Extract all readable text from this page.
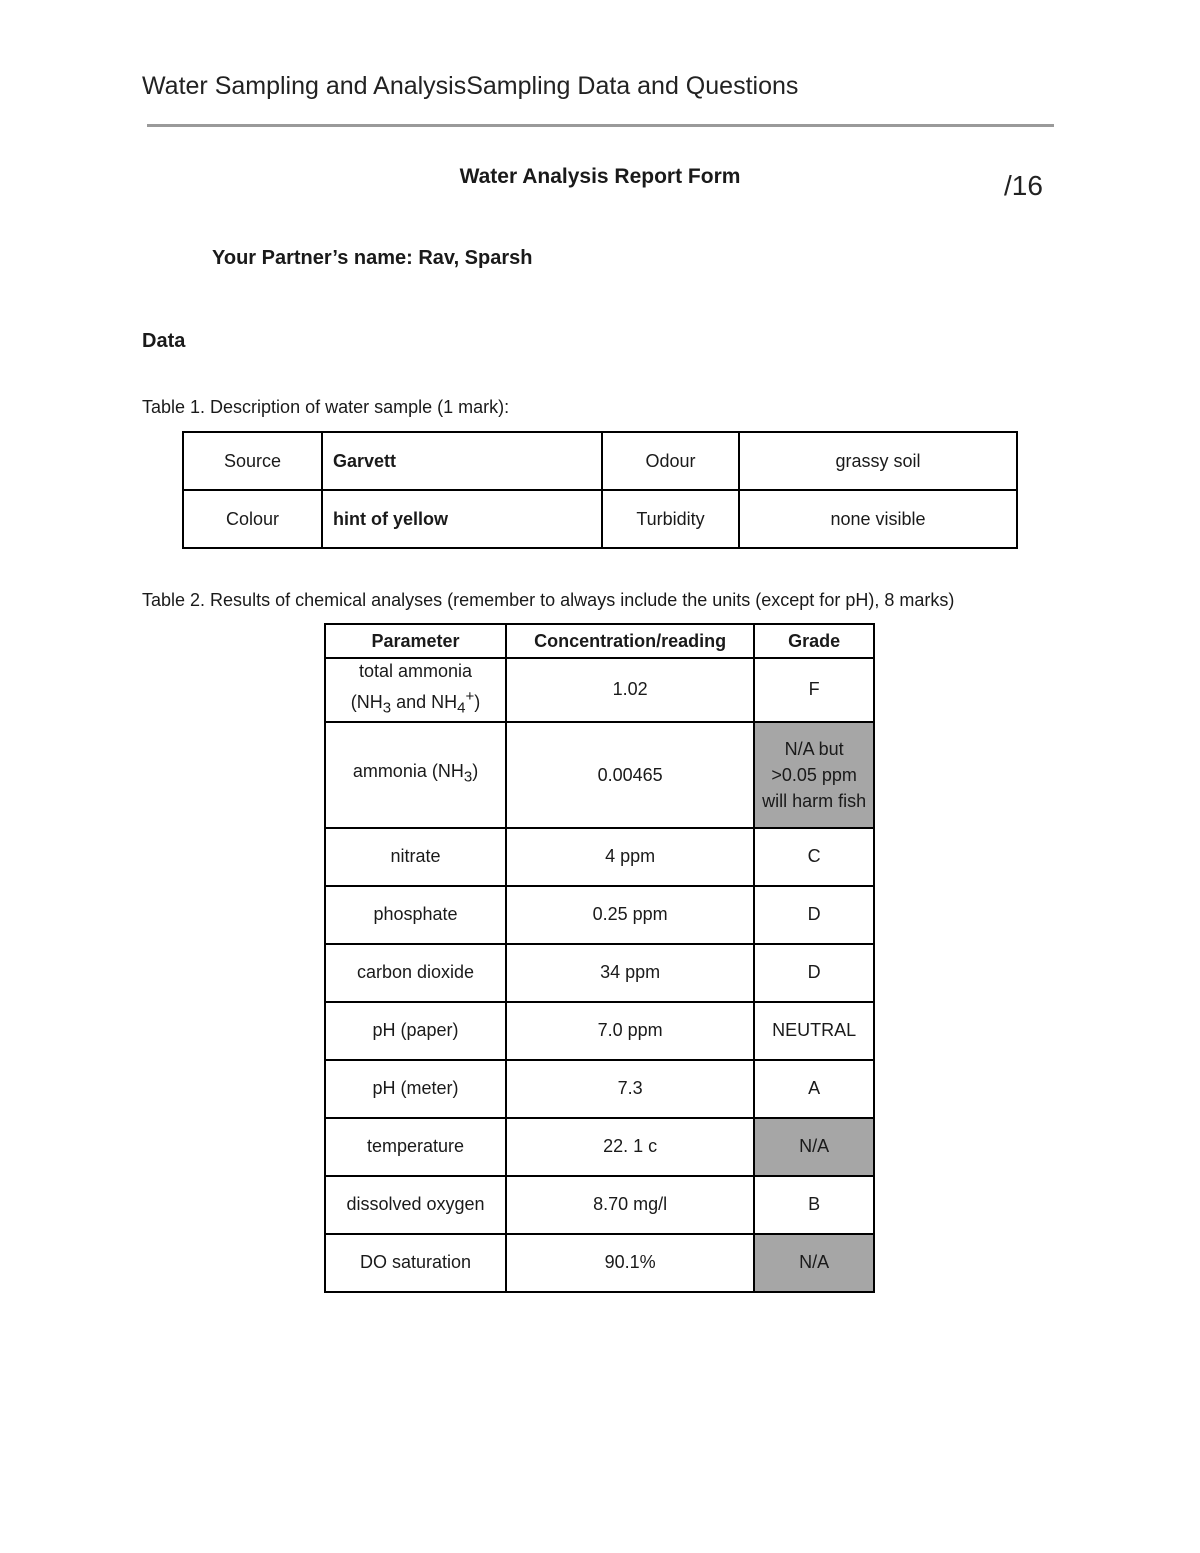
Water Sampling and AnalysisSampling Data and Questions
Water Analysis Report Form	/16
Your Partner’s name: Rav, Sparsh
Data
Table 1. Description of water sample (1 mark):
Source	Garvett	Odour	grassy soil
Colour	hint of yellow	Turbidity	none visible
Table 2. Results of chemical analyses (remember to always include the units (except for pH), 8 marks)
Parameter	Concentration/reading	Grade
total ammonia
($NH_3$ and $NH_4^+$)	1.02	F
ammonia $(NH_3)$	0.00465	N/A but >0.05 ppm will harm fish
nitrate	4 ppm	C
phosphate	0.25 ppm	D
carbon dioxide	34 ppm	D
pH (paper)	7.0 ppm	NEUTRAL
pH (meter)	7.3	A
temperature	22. 1 c	N/A
dissolved oxygen	8.70 mg/l	B
DO saturation	90.1%	N/A
